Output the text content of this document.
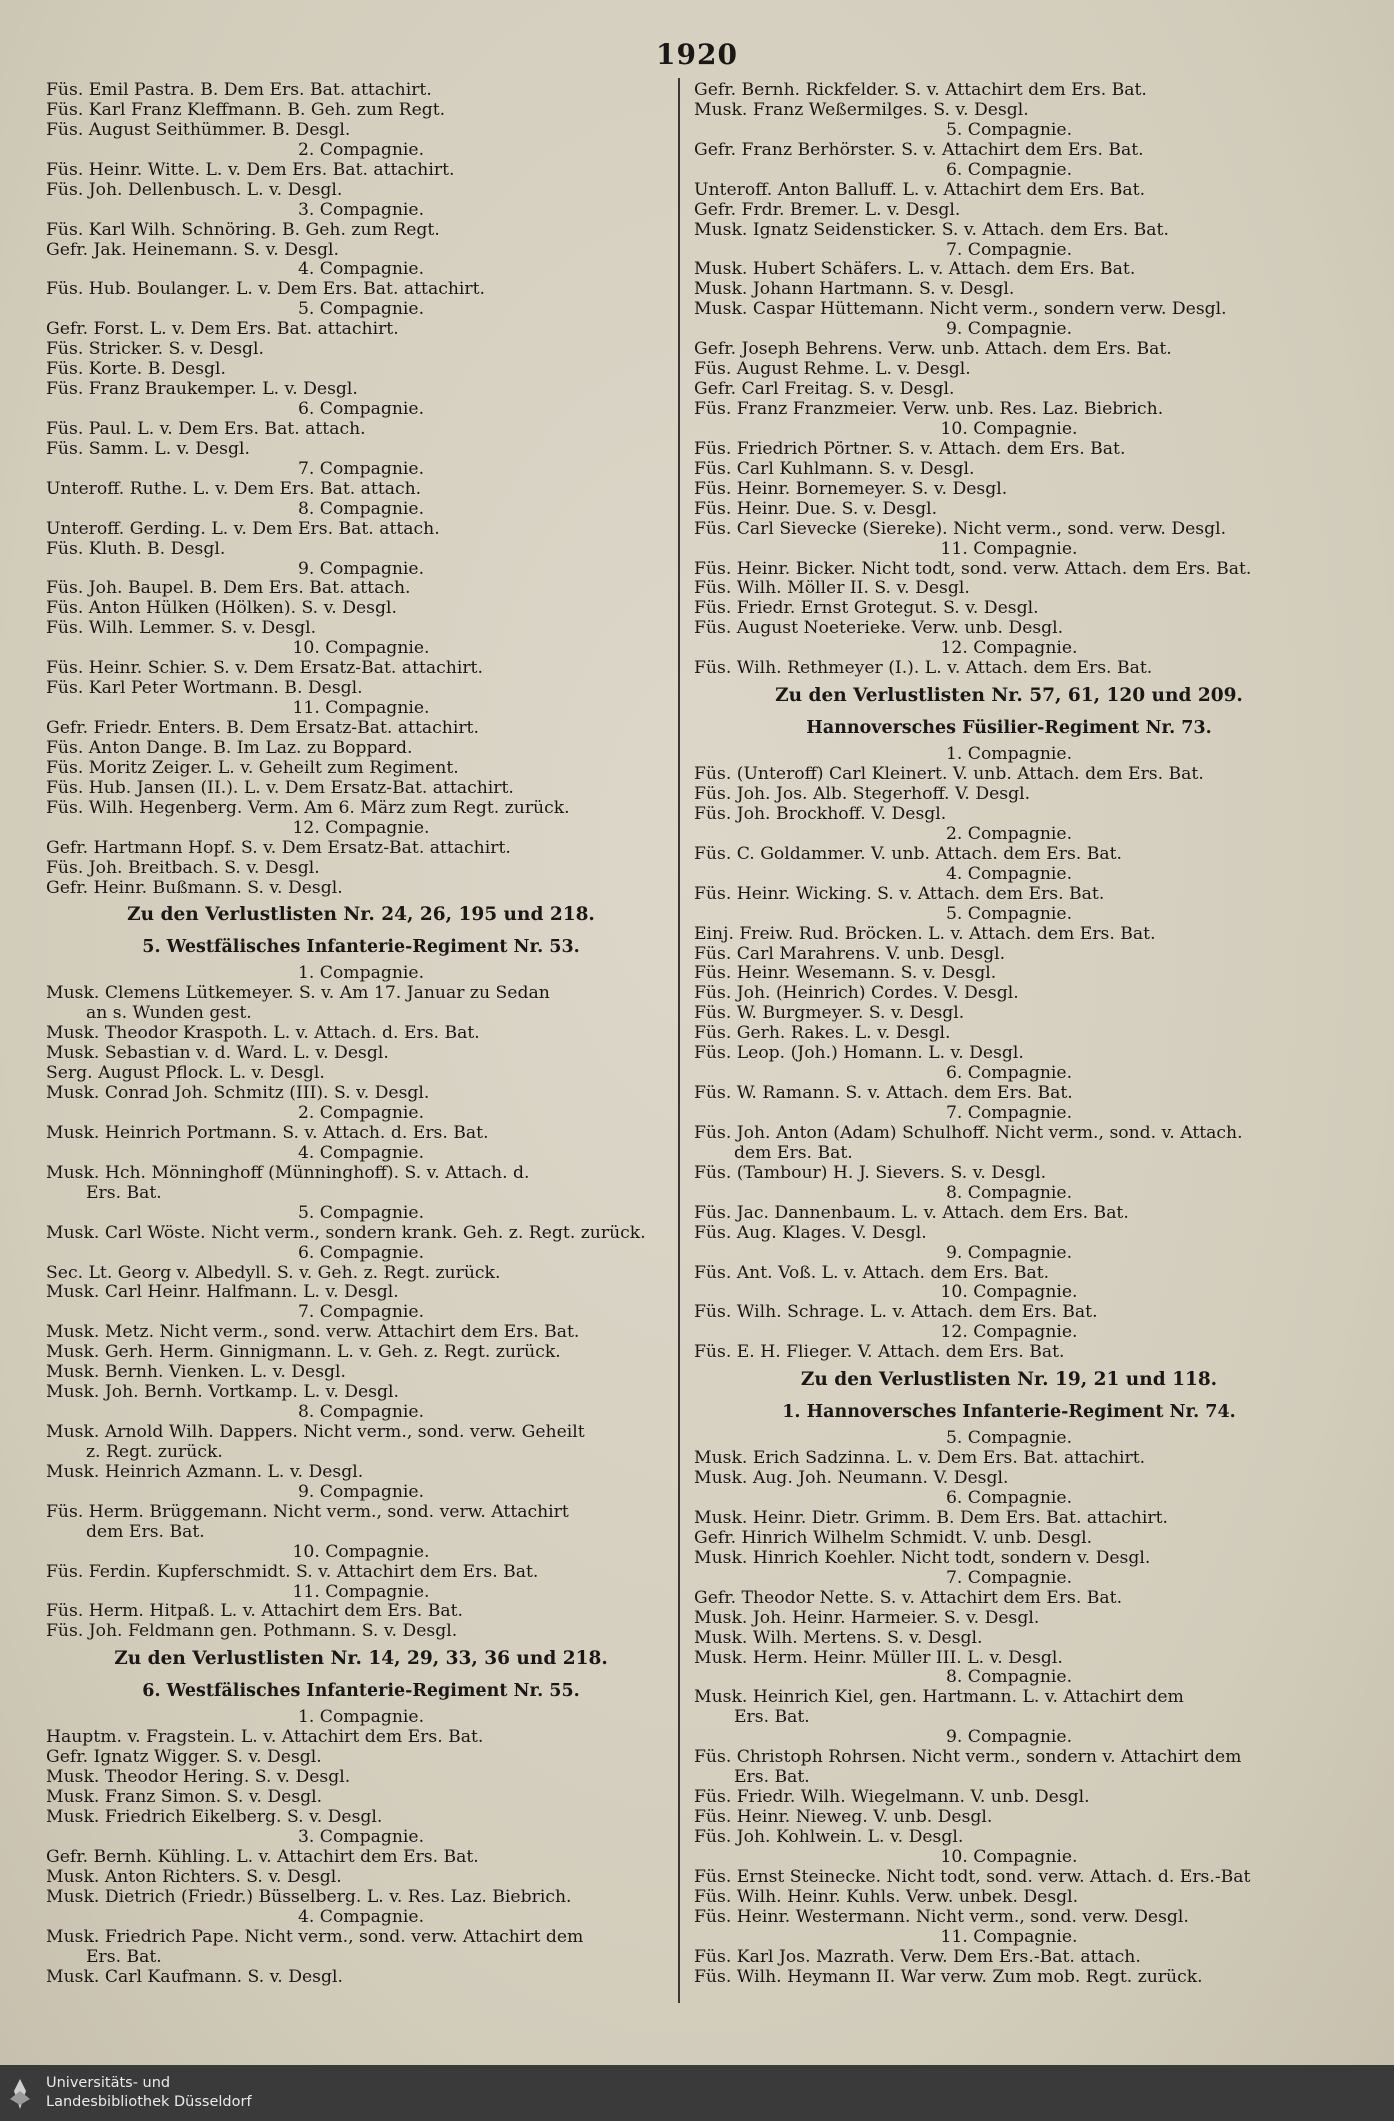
1920
Füs. Emil Pastra. B. Dem Ers. Bat. attachirt.
Füs. Karl Franz Kleffmann. B. Geh. zum Regt.
Füs. August Seithümmer. B. Desgl.
2. Compagnie.
Füs. Heinr. Witte. L. v. Dem Ers. Bat. attachirt.
Füs. Joh. Dellenbusch. L. v. Desgl.
3. Compagnie.
Füs. Karl Wilh. Schnöring. B. Geh. zum Regt.
Gefr. Jak. Heinemann. S. v. Desgl.
4. Compagnie.
Füs. Hub. Boulanger. L. v. Dem Ers. Bat. attachirt.
5. Compagnie.
Gefr. Forst. L. v. Dem Ers. Bat. attachirt.
Füs. Stricker. S. v. Desgl.
Füs. Korte. B. Desgl.
Füs. Franz Braukemper. L. v. Desgl.
6. Compagnie.
Füs. Paul. L. v. Dem Ers. Bat. attach.
Füs. Samm. L. v. Desgl.
7. Compagnie.
Unteroff. Ruthe. L. v. Dem Ers. Bat. attach.
8. Compagnie.
Unteroff. Gerding. L. v. Dem Ers. Bat. attach.
Füs. Kluth. B. Desgl.
9. Compagnie.
Füs. Joh. Baupel. B. Dem Ers. Bat. attach.
Füs. Anton Hülken (Hölken). S. v. Desgl.
Füs. Wilh. Lemmer. S. v. Desgl.
10. Compagnie.
Füs. Heinr. Schier. S. v. Dem Ersatz-Bat. attachirt.
Füs. Karl Peter Wortmann. B. Desgl.
11. Compagnie.
Gefr. Friedr. Enters. B. Dem Ersatz-Bat. attachirt.
Füs. Anton Dange. B. Im Laz. zu Boppard.
Füs. Moritz Zeiger. L. v. Geheilt zum Regiment.
Füs. Hub. Jansen (II.). L. v. Dem Ersatz-Bat. attachirt.
Füs. Wilh. Hegenberg. Verm. Am 6. März zum Regt. zurück.
12. Compagnie.
Gefr. Hartmann Hopf. S. v. Dem Ersatz-Bat. attachirt.
Füs. Joh. Breitbach. S. v. Desgl.
Gefr. Heinr. Bußmann. S. v. Desgl.
Zu den Verlustlisten Nr. 24, 26, 195 und 218.
5. Westfälisches Infanterie-Regiment Nr. 53.
1. Compagnie.
Musk. Clemens Lütkemeyer. S. v. Am 17. Januar zu Sedan
an s. Wunden gest.
Musk. Theodor Kraspoth. L. v. Attach. d. Ers. Bat.
Musk. Sebastian v. d. Ward. L. v. Desgl.
Serg. August Pflock. L. v. Desgl.
Musk. Conrad Joh. Schmitz (III). S. v. Desgl.
2. Compagnie.
Musk. Heinrich Portmann. S. v. Attach. d. Ers. Bat.
4. Compagnie.
Musk. Hch. Mönninghoff (Münninghoff). S. v. Attach. d.
Ers. Bat.
5. Compagnie.
Musk. Carl Wöste. Nicht verm., sondern krank. Geh. z. Regt. zurück.
6. Compagnie.
Sec. Lt. Georg v. Albedyll. S. v. Geh. z. Regt. zurück.
Musk. Carl Heinr. Halfmann. L. v. Desgl.
7. Compagnie.
Musk. Metz. Nicht verm., sond. verw. Attachirt dem Ers. Bat.
Musk. Gerh. Herm. Ginnigmann. L. v. Geh. z. Regt. zurück.
Musk. Bernh. Vienken. L. v. Desgl.
Musk. Joh. Bernh. Vortkamp. L. v. Desgl.
8. Compagnie.
Musk. Arnold Wilh. Dappers. Nicht verm., sond. verw. Geheilt
z. Regt. zurück.
Musk. Heinrich Azmann. L. v. Desgl.
9. Compagnie.
Füs. Herm. Brüggemann. Nicht verm., sond. verw. Attachirt
dem Ers. Bat.
10. Compagnie.
Füs. Ferdin. Kupferschmidt. S. v. Attachirt dem Ers. Bat.
11. Compagnie.
Füs. Herm. Hitpaß. L. v. Attachirt dem Ers. Bat.
Füs. Joh. Feldmann gen. Pothmann. S. v. Desgl.
Zu den Verlustlisten Nr. 14, 29, 33, 36 und 218.
6. Westfälisches Infanterie-Regiment Nr. 55.
1. Compagnie.
Hauptm. v. Fragstein. L. v. Attachirt dem Ers. Bat.
Gefr. Ignatz Wigger. S. v. Desgl.
Musk. Theodor Hering. S. v. Desgl.
Musk. Franz Simon. S. v. Desgl.
Musk. Friedrich Eikelberg. S. v. Desgl.
3. Compagnie.
Gefr. Bernh. Kühling. L. v. Attachirt dem Ers. Bat.
Musk. Anton Richters. S. v. Desgl.
Musk. Dietrich (Friedr.) Büsselberg. L. v. Res. Laz. Biebrich.
4. Compagnie.
Musk. Friedrich Pape. Nicht verm., sond. verw. Attachirt dem
Ers. Bat.
Musk. Carl Kaufmann. S. v. Desgl.
Gefr. Bernh. Rickfelder. S. v. Attachirt dem Ers. Bat.
Musk. Franz Weßermilges. S. v. Desgl.
5. Compagnie.
Gefr. Franz Berhörster. S. v. Attachirt dem Ers. Bat.
6. Compagnie.
Unteroff. Anton Balluff. L. v. Attachirt dem Ers. Bat.
Gefr. Frdr. Bremer. L. v. Desgl.
Musk. Ignatz Seidensticker. S. v. Attach. dem Ers. Bat.
7. Compagnie.
Musk. Hubert Schäfers. L. v. Attach. dem Ers. Bat.
Musk. Johann Hartmann. S. v. Desgl.
Musk. Caspar Hüttemann. Nicht verm., sondern verw. Desgl.
9. Compagnie.
Gefr. Joseph Behrens. Verw. unb. Attach. dem Ers. Bat.
Füs. August Rehme. L. v. Desgl.
Gefr. Carl Freitag. S. v. Desgl.
Füs. Franz Franzmeier. Verw. unb. Res. Laz. Biebrich.
10. Compagnie.
Füs. Friedrich Pörtner. S. v. Attach. dem Ers. Bat.
Füs. Carl Kuhlmann. S. v. Desgl.
Füs. Heinr. Bornemeyer. S. v. Desgl.
Füs. Heinr. Due. S. v. Desgl.
Füs. Carl Sievecke (Siereke). Nicht verm., sond. verw. Desgl.
11. Compagnie.
Füs. Heinr. Bicker. Nicht todt, sond. verw. Attach. dem Ers. Bat.
Füs. Wilh. Möller II. S. v. Desgl.
Füs. Friedr. Ernst Grotegut. S. v. Desgl.
Füs. August Noeterieke. Verw. unb. Desgl.
12. Compagnie.
Füs. Wilh. Rethmeyer (I.). L. v. Attach. dem Ers. Bat.
Zu den Verlustlisten Nr. 57, 61, 120 und 209.
Hannoversches Füsilier-Regiment Nr. 73.
1. Compagnie.
Füs. (Unteroff) Carl Kleinert. V. unb. Attach. dem Ers. Bat.
Füs. Joh. Jos. Alb. Stegerhoff. V. Desgl.
Füs. Joh. Brockhoff. V. Desgl.
2. Compagnie.
Füs. C. Goldammer. V. unb. Attach. dem Ers. Bat.
4. Compagnie.
Füs. Heinr. Wicking. S. v. Attach. dem Ers. Bat.
5. Compagnie.
Einj. Freiw. Rud. Bröcken. L. v. Attach. dem Ers. Bat.
Füs. Carl Marahrens. V. unb. Desgl.
Füs. Heinr. Wesemann. S. v. Desgl.
Füs. Joh. (Heinrich) Cordes. V. Desgl.
Füs. W. Burgmeyer. S. v. Desgl.
Füs. Gerh. Rakes. L. v. Desgl.
Füs. Leop. (Joh.) Homann. L. v. Desgl.
6. Compagnie.
Füs. W. Ramann. S. v. Attach. dem Ers. Bat.
7. Compagnie.
Füs. Joh. Anton (Adam) Schulhoff. Nicht verm., sond. v. Attach.
dem Ers. Bat.
Füs. (Tambour) H. J. Sievers. S. v. Desgl.
8. Compagnie.
Füs. Jac. Dannenbaum. L. v. Attach. dem Ers. Bat.
Füs. Aug. Klages. V. Desgl.
9. Compagnie.
Füs. Ant. Voß. L. v. Attach. dem Ers. Bat.
10. Compagnie.
Füs. Wilh. Schrage. L. v. Attach. dem Ers. Bat.
12. Compagnie.
Füs. E. H. Flieger. V. Attach. dem Ers. Bat.
Zu den Verlustlisten Nr. 19, 21 und 118.
1. Hannoversches Infanterie-Regiment Nr. 74.
5. Compagnie.
Musk. Erich Sadzinna. L. v. Dem Ers. Bat. attachirt.
Musk. Aug. Joh. Neumann. V. Desgl.
6. Compagnie.
Musk. Heinr. Dietr. Grimm. B. Dem Ers. Bat. attachirt.
Gefr. Hinrich Wilhelm Schmidt. V. unb. Desgl.
Musk. Hinrich Koehler. Nicht todt, sondern v. Desgl.
7. Compagnie.
Gefr. Theodor Nette. S. v. Attachirt dem Ers. Bat.
Musk. Joh. Heinr. Harmeier. S. v. Desgl.
Musk. Wilh. Mertens. S. v. Desgl.
Musk. Herm. Heinr. Müller III. L. v. Desgl.
8. Compagnie.
Musk. Heinrich Kiel, gen. Hartmann. L. v. Attachirt dem
Ers. Bat.
9. Compagnie.
Füs. Christoph Rohrsen. Nicht verm., sondern v. Attachirt dem
Ers. Bat.
Füs. Friedr. Wilh. Wiegelmann. V. unb. Desgl.
Füs. Heinr. Nieweg. V. unb. Desgl.
Füs. Joh. Kohlwein. L. v. Desgl.
10. Compagnie.
Füs. Ernst Steinecke. Nicht todt, sond. verw. Attach. d. Ers.-Bat
Füs. Wilh. Heinr. Kuhls. Verw. unbek. Desgl.
Füs. Heinr. Westermann. Nicht verm., sond. verw. Desgl.
11. Compagnie.
Füs. Karl Jos. Mazrath. Verw. Dem Ers.-Bat. attach.
Füs. Wilh. Heymann II. War verw. Zum mob. Regt. zurück.
Universitäts- und
Landesbibliothek Düsseldorf
